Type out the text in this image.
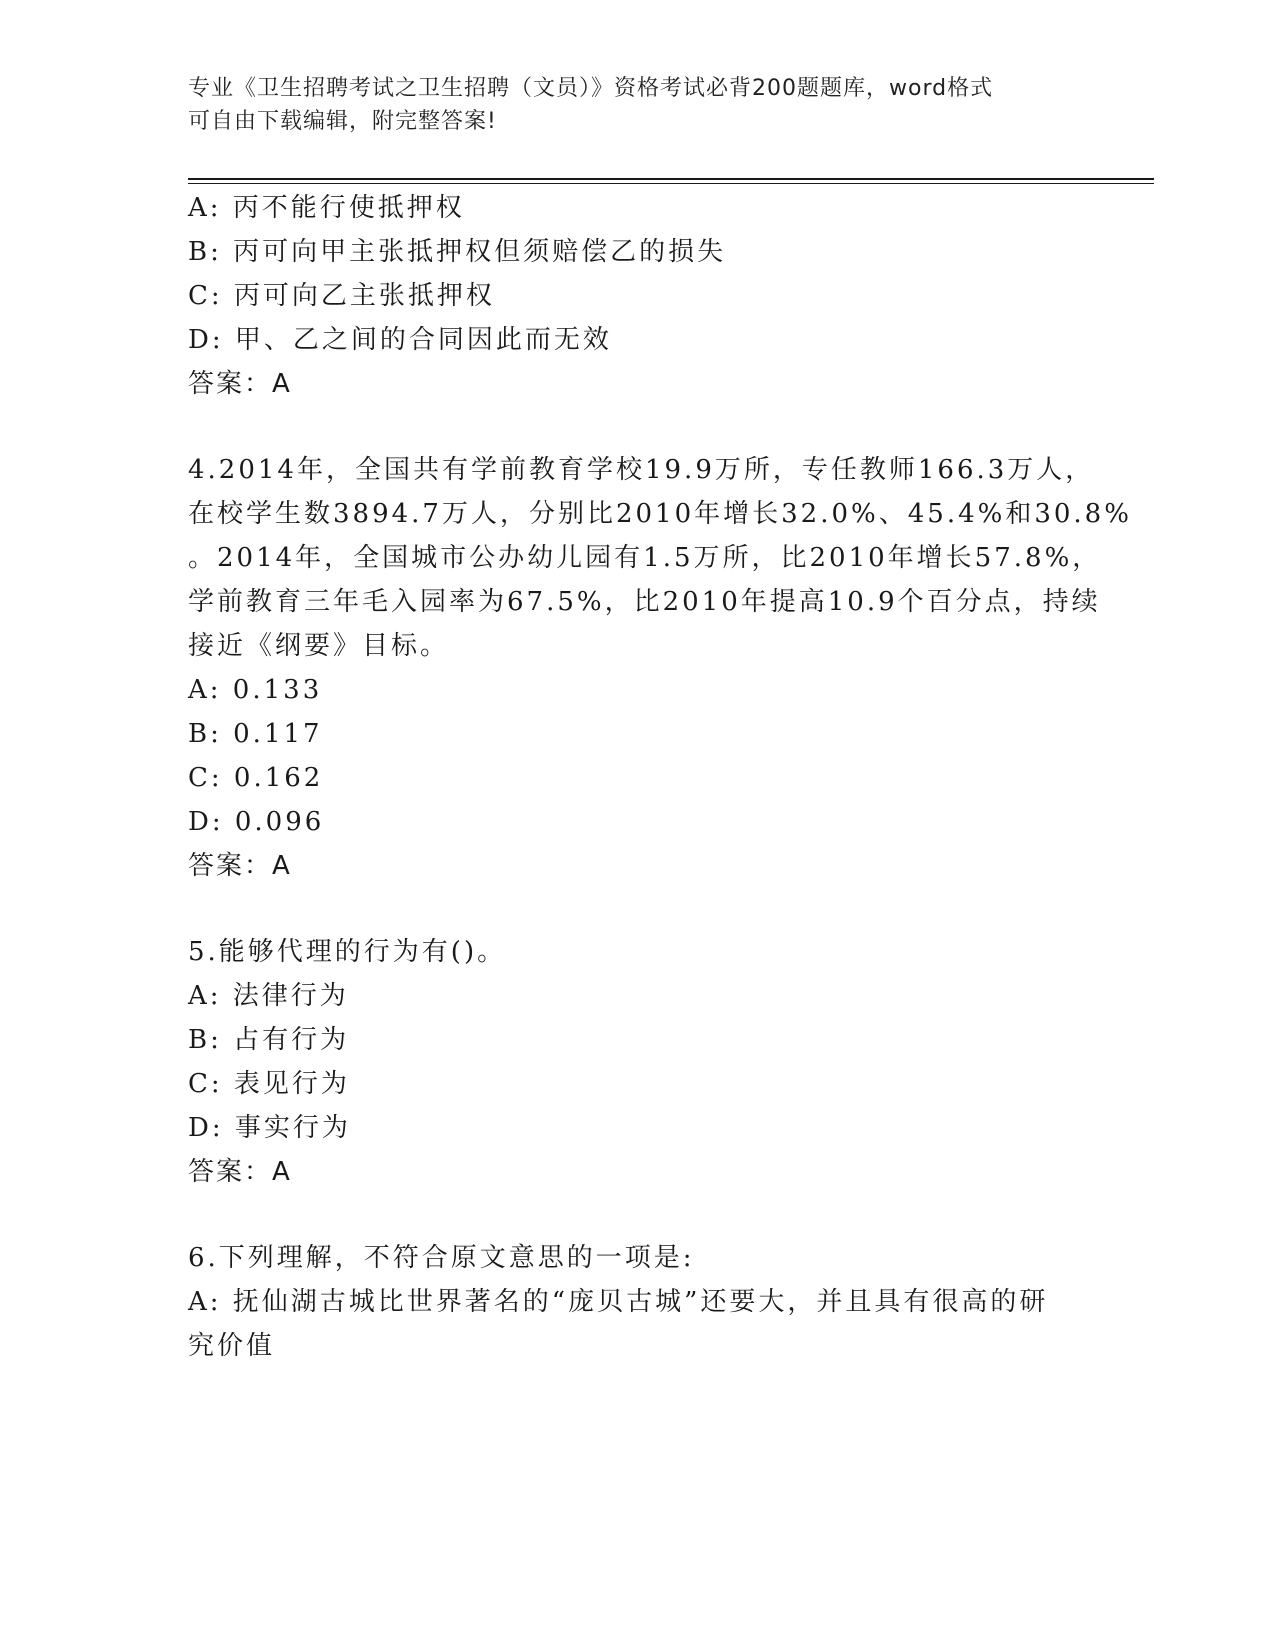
专业《卫生招聘考试之卫生招聘（文员）》资格考试必背200题题库，word格式
可自由下载编辑，附完整答案!
A: 丙不能行使抵押权
B: 丙可向甲主张抵押权但须赔偿乙的损失
C: 丙可向乙主张抵押权
D: 甲、乙之间的合同因此而无效
答案：A
4.2014年，全国共有学前教育学校19.9万所，专任教师166.3万人，
在校学生数3894.7万人，分别比2010年增长32.0%、45.4%和30.8%
。2014年，全国城市公办幼儿园有1.5万所，比2010年增长57.8%，
学前教育三年毛入园率为67.5%，比2010年提高10.9个百分点，持续
接近《纲要》目标。
A: 0.133
B: 0.117
C: 0.162
D: 0.096
答案：A
5.能够代理的行为有()。
A: 法律行为
B: 占有行为
C: 表见行为
D: 事实行为
答案：A
6.下列理解，不符合原文意思的一项是:
A: 抚仙湖古城比世界著名的“庞贝古城”还要大，并且具有很高的研
究价值
